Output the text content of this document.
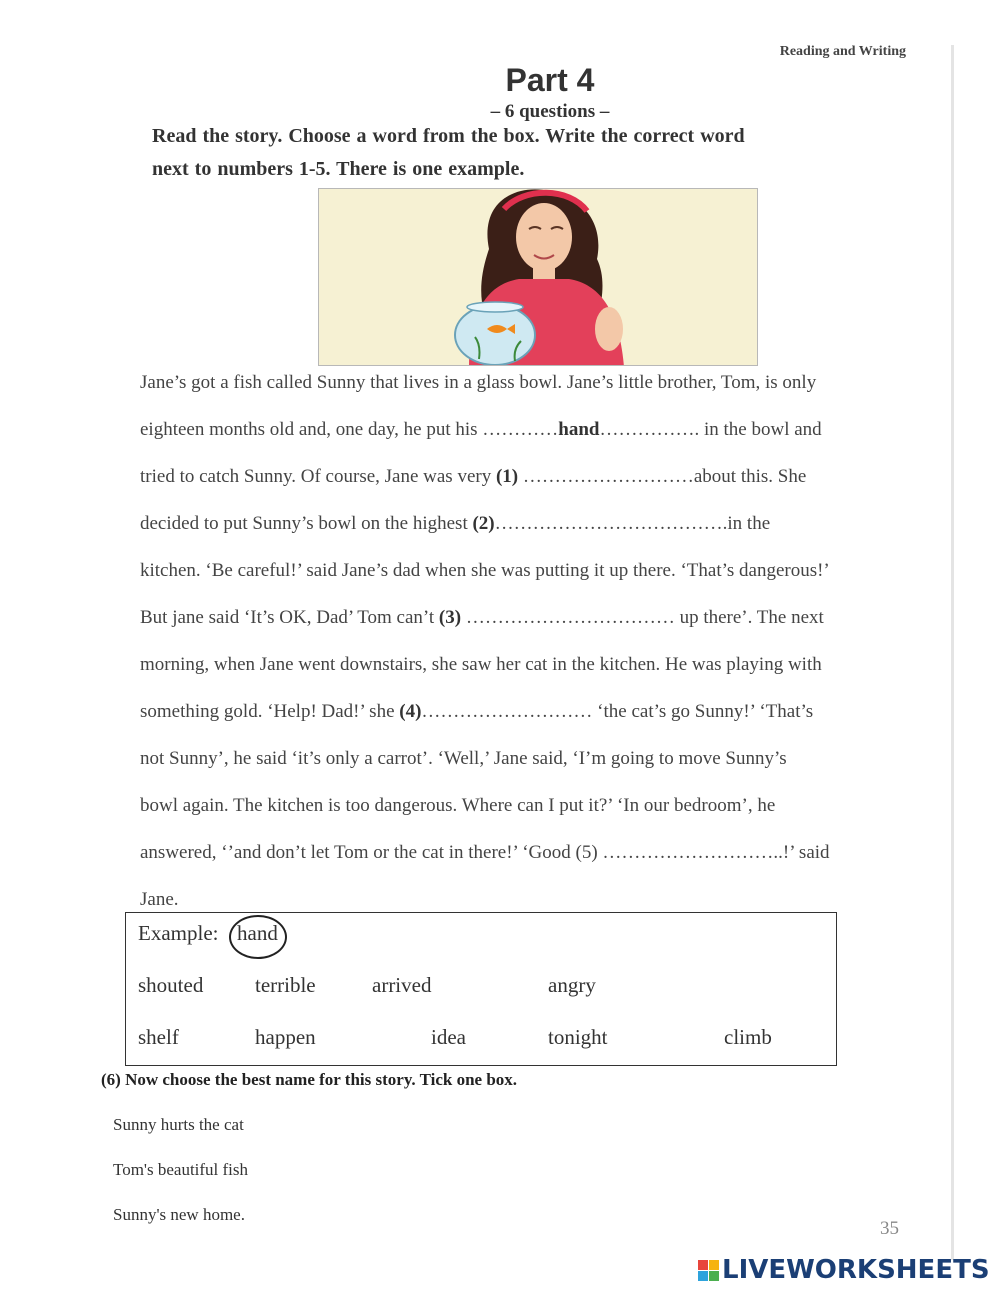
Reading and Writing
Part 4
– 6 questions –
Read the story. Choose a word from the box. Write the correct word
next to numbers 1-5. There is one example.
Jane’s got a fish called Sunny that lives in a glass bowl. Jane’s little brother, Tom, is only
eighteen months old and, one day, he put his …………hand……………. in the bowl and
tried to catch Sunny. Of course, Jane was very (1) ………………………about this. She
decided to put Sunny’s bowl on the highest (2)……………………………….in the
kitchen. ‘Be careful!’ said Jane’s dad when she was putting it up there. ‘That’s dangerous!’
But jane said ‘It’s OK, Dad’ Tom can’t (3) …………………………… up there’. The next
morning, when Jane went downstairs, she saw her cat in the kitchen. He was playing with
something gold. ‘Help! Dad!’ she (4)……………………… ‘the cat’s go Sunny!’ ‘That’s
not Sunny’, he said ‘it’s only a carrot’. ‘Well,’ Jane said, ‘I’m going to move Sunny’s
bowl again. The kitchen is too dangerous. Where can I put it?’ ‘In our bedroom’, he
answered, ‘’and don’t let Tom or the cat in there!’ ‘Good (5) ………………………..!’ said
Jane.
Example: hand
shouted terrible	arrived	angry
shelf	happen	idea	tonight	climb
(6) Now choose the best name for this story. Tick one box.
Sunny hurts the cat
Tom's beautiful fish
Sunny's new home.
35
LIVEWORKSHEETS
